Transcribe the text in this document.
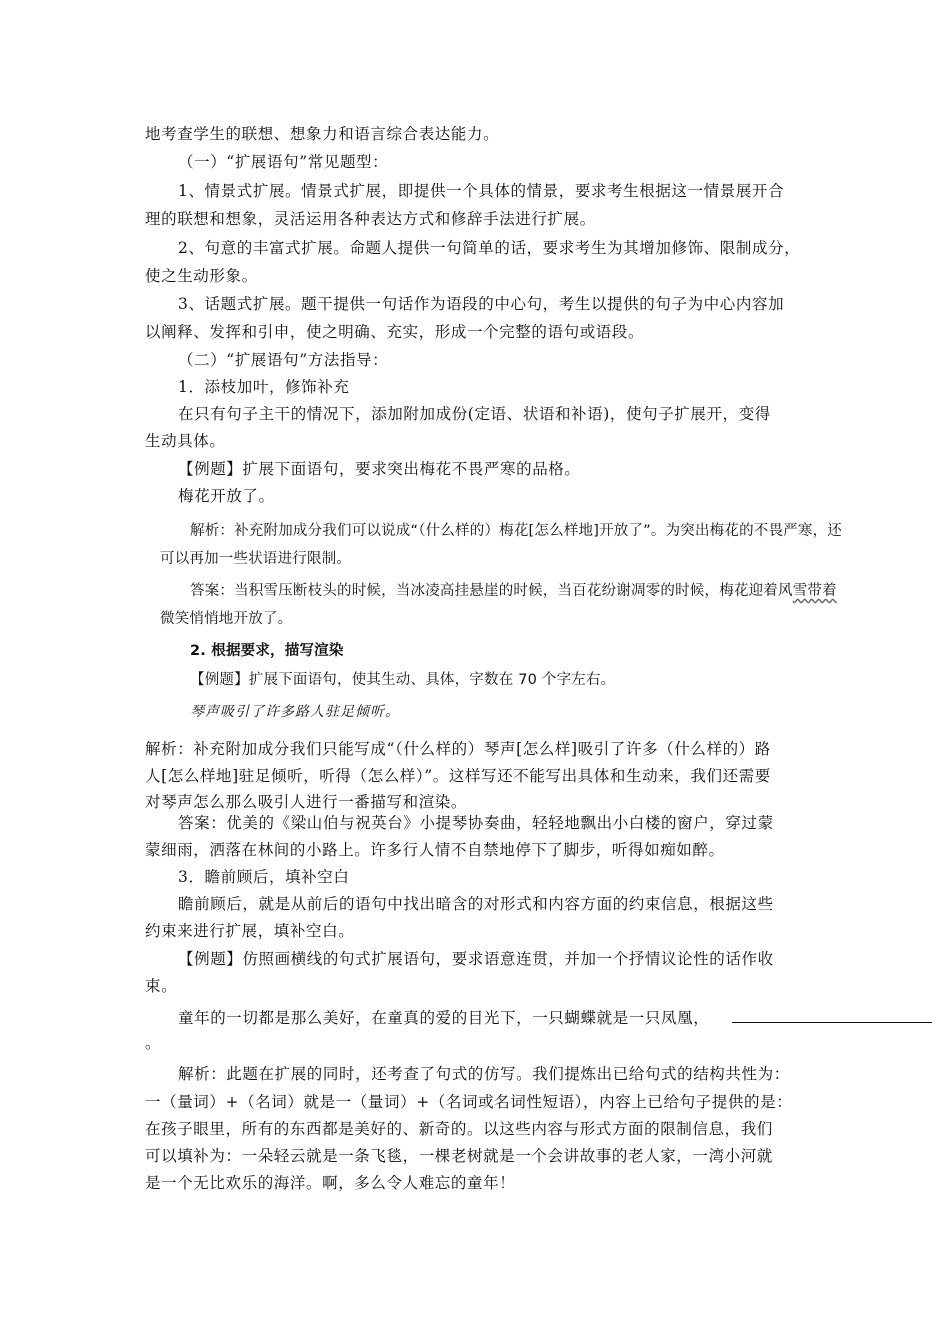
地考查学生的联想、想象力和语言综合表达能力。
（一）“扩展语句”常见题型：
1、情景式扩展。情景式扩展，即提供一个具体的情景，要求考生根据这一情景展开合
理的联想和想象，灵活运用各种表达方式和修辞手法进行扩展。
2、句意的丰富式扩展。命题人提供一句简单的话，要求考生为其增加修饰、限制成分，
使之生动形象。
3、话题式扩展。题干提供一句话作为语段的中心句，考生以提供的句子为中心内容加
以阐释、发挥和引申，使之明确、充实，形成一个完整的语句或语段。
（二）“扩展语句”方法指导：
1．添枝加叶，修饰补充
在只有句子主干的情况下，添加附加成份(定语、状语和补语)，使句子扩展开，变得
生动具体。
【例题】扩展下面语句，要求突出梅花不畏严寒的品格。
梅花开放了。
解析：补充附加成分我们可以说成“（什么样的）梅花[怎么样地]开放了”。为突出梅花的不畏严寒，还
可以再加一些状语进行限制。
答案：当积雪压断枝头的时候，当冰凌高挂悬崖的时候，当百花纷谢凋零的时候，梅花迎着风雪带着
微笑悄悄地开放了。
2. 根据要求，描写渲染
【例题】扩展下面语句，使其生动、具体，字数在 70 个字左右。
琴声吸引了许多路人驻足倾听。
解析：补充附加成分我们只能写成“（什么样的）琴声[怎么样]吸引了许多（什么样的）路
人[怎么样地]驻足倾听，听得（怎么样）”。这样写还不能写出具体和生动来，我们还需要
对琴声怎么那么吸引人进行一番描写和渲染。
答案：优美的《梁山伯与祝英台》小提琴协奏曲，轻轻地飘出小白楼的窗户，穿过蒙
蒙细雨，洒落在林间的小路上。许多行人情不自禁地停下了脚步，听得如痴如醉。
3．瞻前顾后，填补空白
瞻前顾后，就是从前后的语句中找出暗含的对形式和内容方面的约束信息，根据这些
约束来进行扩展，填补空白。
【例题】仿照画横线的句式扩展语句，要求语意连贯，并加一个抒情议论性的话作收
束。
童年的一切都是那么美好，在童真的爱的目光下，一只蝴蝶就是一只凤凰，
。
解析：此题在扩展的同时，还考查了句式的仿写。我们提炼出已给句式的结构共性为：
一（量词）+（名词）就是一（量词）+（名词或名词性短语），内容上已给句子提供的是：
在孩子眼里，所有的东西都是美好的、新奇的。以这些内容与形式方面的限制信息，我们
可以填补为：一朵轻云就是一条飞毯，一棵老树就是一个会讲故事的老人家，一湾小河就
是一个无比欢乐的海洋。啊，多么令人难忘的童年！
